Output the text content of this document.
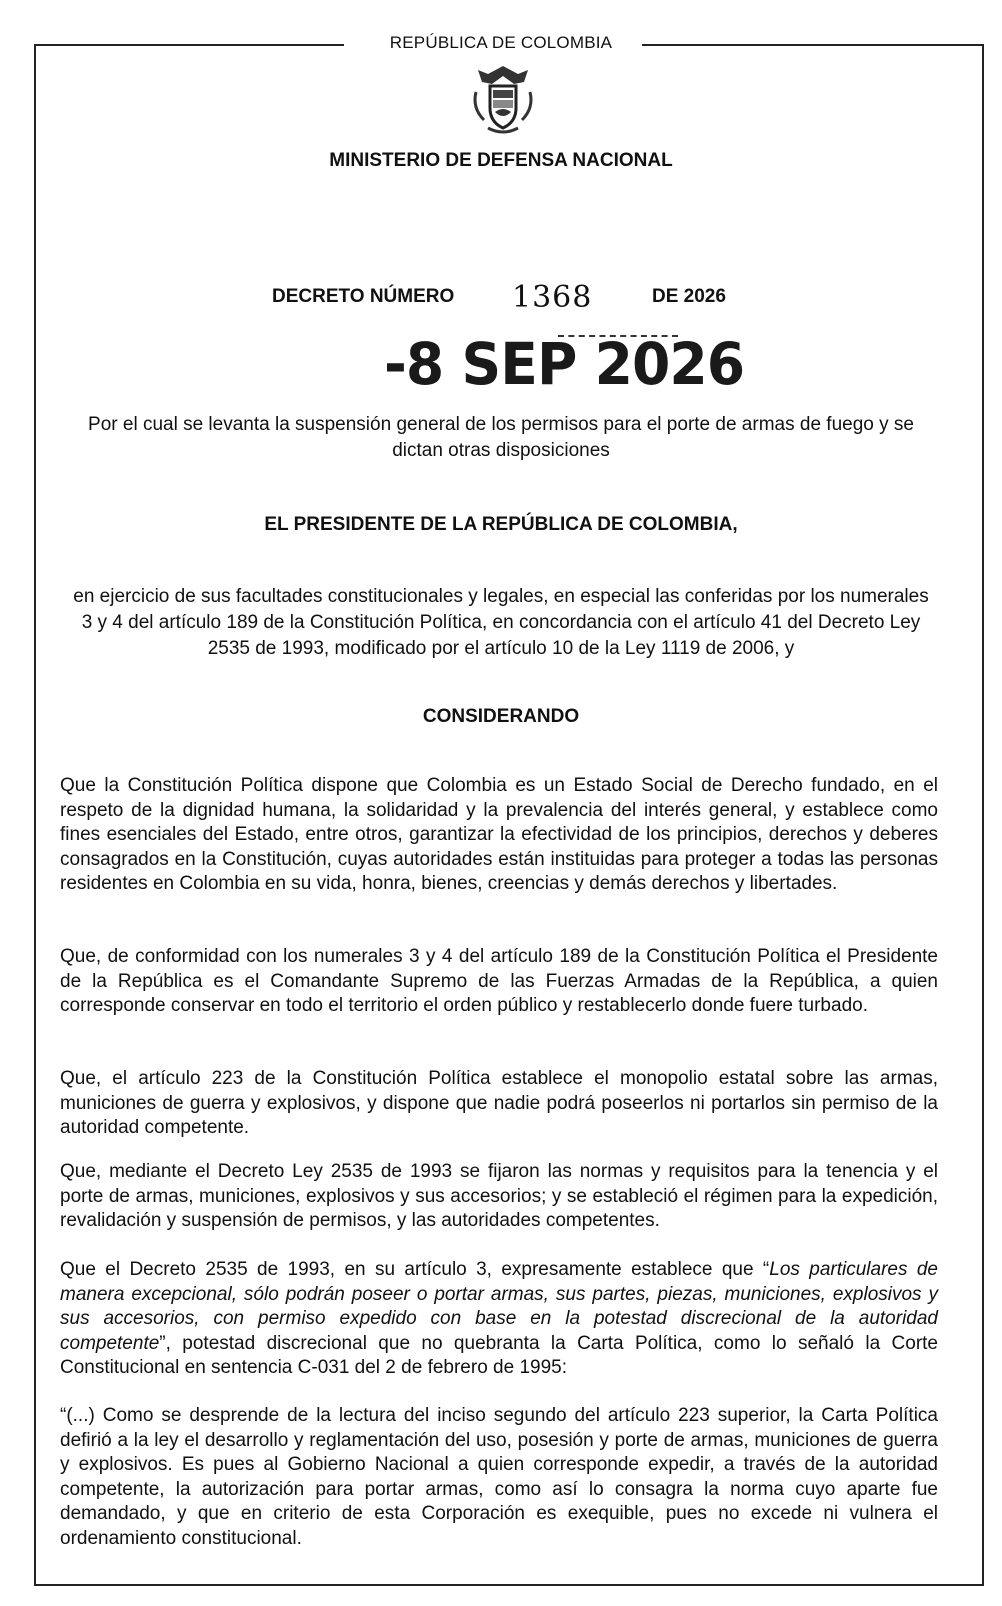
REPÚBLICA DE COLOMBIA
MINISTERIO DE DEFENSA NACIONAL
DECRETO NÚMERO 1368	DE 2026
-8 SEP 2026
Por el cual se levanta la suspensión general de los permisos para el porte de armas de fuego y se dictan otras disposiciones
EL PRESIDENTE DE LA REPÚBLICA DE COLOMBIA,
en ejercicio de sus facultades constitucionales y legales, en especial las conferidas por los numerales 3 y 4 del artículo 189 de la Constitución Política, en concordancia con el artículo 41 del Decreto Ley 2535 de 1993, modificado por el artículo 10 de la Ley 1119 de 2006, y
CONSIDERANDO

Que la Constitución Política dispone que Colombia es un Estado Social de Derecho fundado, en el respeto de la dignidad humana, la solidaridad y la prevalencia del interés general, y establece como fines esenciales del Estado, entre otros, garantizar la efectividad de los principios, derechos y deberes consagrados en la Constitución, cuyas autoridades están instituidas para proteger a todas las personas residentes en Colombia en su vida, honra, bienes, creencias y demás derechos y libertades.

Que, de conformidad con los numerales 3 y 4 del artículo 189 de la Constitución Política el Presidente de la República es el Comandante Supremo de las Fuerzas Armadas de la República, a quien corresponde conservar en todo el territorio el orden público y restablecerlo donde fuere turbado.

Que, el artículo 223 de la Constitución Política establece el monopolio estatal sobre las armas, municiones de guerra y explosivos, y dispone que nadie podrá poseerlos ni portarlos sin permiso de la autoridad competente.

Que, mediante el Decreto Ley 2535 de 1993 se fijaron las normas y requisitos para la tenencia y el porte de armas, municiones, explosivos y sus accesorios; y se estableció el régimen para la expedición, revalidación y suspensión de permisos, y las autoridades competentes.

Que el Decreto 2535 de 1993, en su artículo 3, expresamente establece que “Los particulares de manera excepcional, sólo podrán poseer o portar armas, sus partes, piezas, municiones, explosivos y sus accesorios, con permiso expedido con base en la potestad discrecional de la autoridad competente”, potestad discrecional que no quebranta la Carta Política, como lo señaló la Corte Constitucional en sentencia C-031 del 2 de febrero de 1995:

“(...) Como se desprende de la lectura del inciso segundo del artículo 223 superior, la Carta Política defirió a la ley el desarrollo y reglamentación del uso, posesión y porte de armas, municiones de guerra y explosivos. Es pues al Gobierno Nacional a quien corresponde expedir, a través de la autoridad competente, la autorización para portar armas, como así lo consagra la norma cuyo aparte fue demandado, y que en criterio de esta Corporación es exequible, pues no excede ni vulnera el ordenamiento constitucional.
